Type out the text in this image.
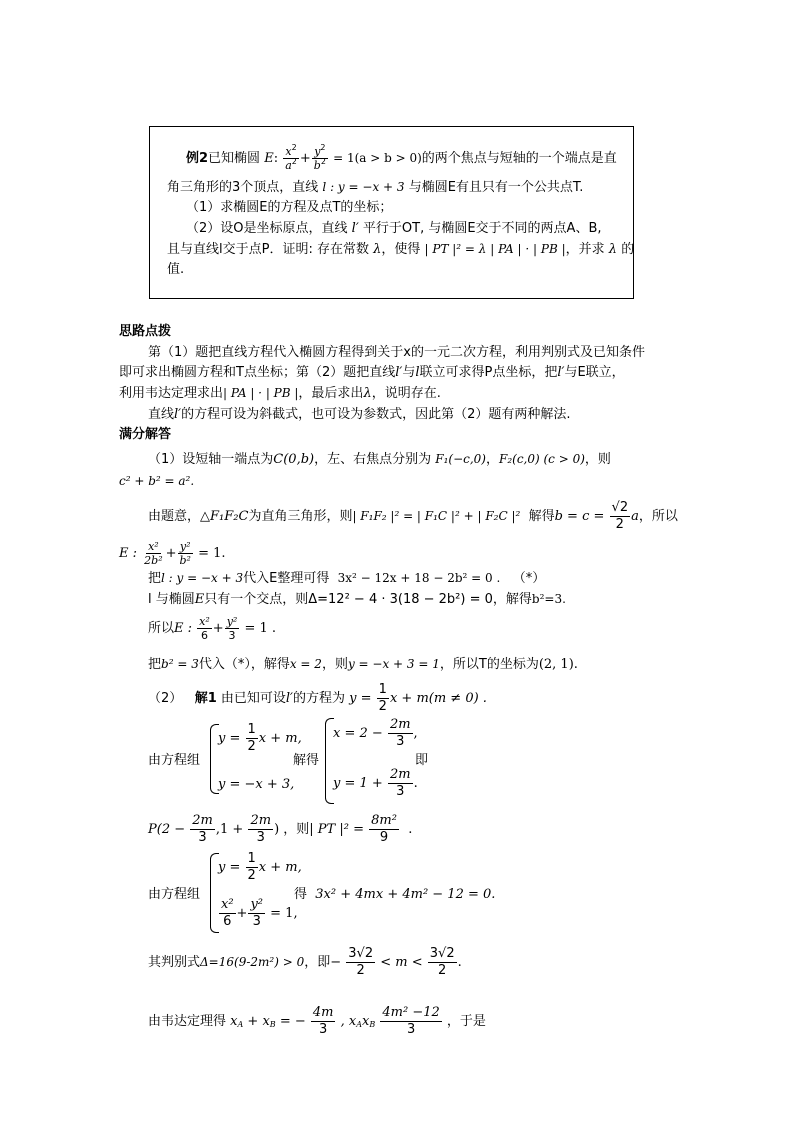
例2已知椭圆 E: $\frac{x^2}{a^2} + \frac{y^2}{b^2} = 1(a > b > 0)$的两个焦点与短轴的一个端点是直
角三角形的3个顶点，直线 l : y = −x + 3 与椭圆E有且只有一个公共点T.
（1）求椭圆E的方程及点T的坐标；
（2）设O是坐标原点，直线 l′ 平行于OT, 与椭圆E交于不同的两点A、B,
且与直线l交于点P．证明: 存在常数 λ，使得 | PT |² = λ | PA | · | PB |，并求 λ 的
值.
思路点拨
第（1）题把直线方程代入椭圆方程得到关于x的一元二次方程，利用判别式及已知条件
即可求出椭圆方程和T点坐标；第（2）题把直线l′与l联立可求得P点坐标，把l′与E联立，
利用韦达定理求出| PA | · | PB |，最后求出λ，说明存在.
直线l′的方程可设为斜截式，也可设为参数式，因此第（2）题有两种解法.
满分解答
（1）设短轴一端点为C(0,b)，左、右焦点分别为 F₁(−c,0)，F₂(c,0) (c > 0)，则
c² + b² = a².
由题意，△F₁F₂C为直角三角形，则| F₁F₂ |² = | F₁C |² + | F₂C |² 解得$b = c = \frac{√2}{2}$ a，所以
E : $\frac{\text{x²}}{\text{2b²}} + \frac{\text{y²}}{\text{b²}} = 1$.
把l : y = −x + 3代入E整理可得 3x² − 12x + 18 − 2b² = 0 . （*）
l 与椭圆E只有一个交点，则Δ=12² − 4 · 3(18 − 2b²) = 0，解得b²=3.
所以E : $\frac{\text{x²}}{6} + \frac{\text{y²}}{3} = 1$ .
把b² = 3代入（*），解得x = 2，则y = −x + 3 = 1，所以T的坐标为(2, 1).
（2） 解1 由已知可设l′的方程为 $y = \frac{1}{2}$ x + m(m ≠ 0) .
由方程组
$y = \frac{1}{2}$ x + m,
y = −x + 3,
解得
$x = 2 - \frac{2m}{3}$ ,
$y = 1 + \frac{2m}{3}$ .
即
$P(2 - \frac{2m}{3} ,1 + \frac{2m}{3}$ ) ，则| PT $|^2 = \frac{\text{8m²}}{9}$ .
由方程组
$y = \frac{1}{2}$ x + m,
$\frac{\text{x²}}{6} + \frac{\text{y²}}{3} = 1$,
得 3x² + 4mx + 4m² − 12 = 0.
其判别式Δ=16(9-2m²) > 0，即− $\frac{3√2}{2} < m < \frac{3√2}{2}$ .
由韦达定理得 $x_A + x_B$ = − $\frac{4m}{3}$ , $x_Ax_B \frac{\text{4m² −12}}{3}$ ，于是
